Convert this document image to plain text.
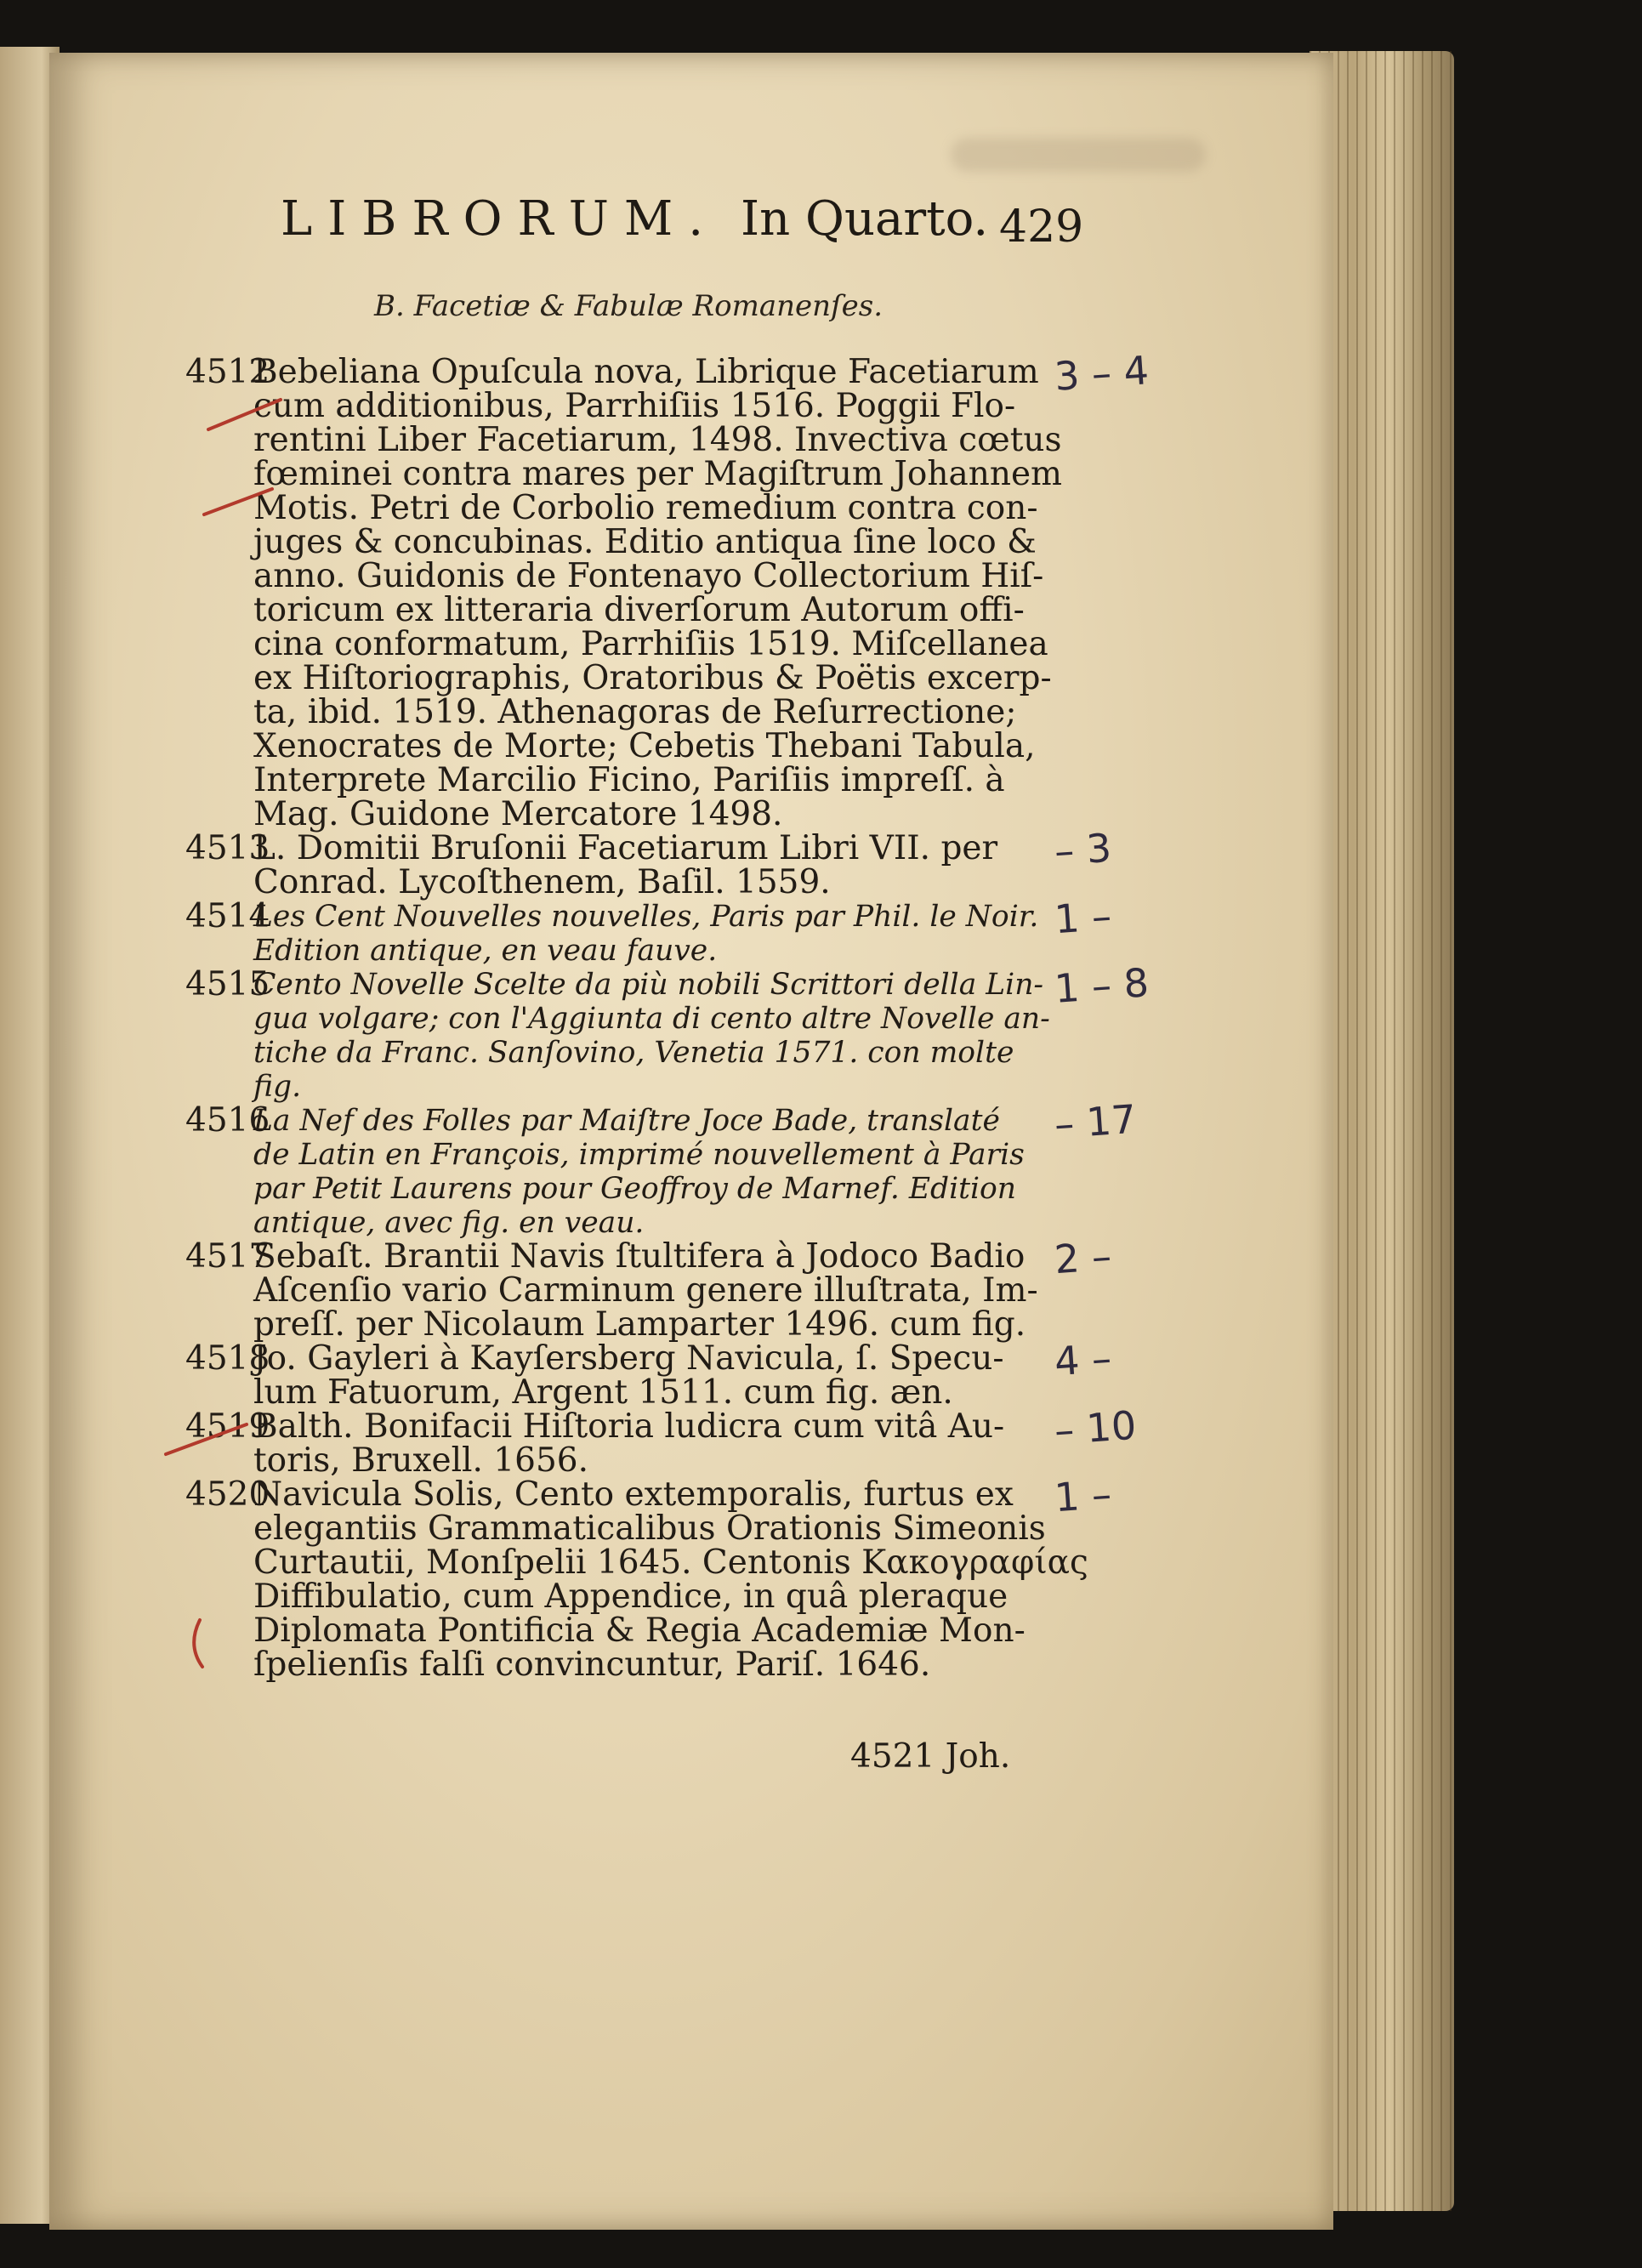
LIBRORUM. In Quarto. 429
B. Facetiæ & Fabulæ Romanenſes.
4512
Bebeliana Opuſcula nova, Librique Facetiarum
cum additionibus, Parrhiſiis 1516. Poggii Flo-
rentini Liber Facetiarum, 1498. Invectiva cœtus
fœminei contra mares per Magiſtrum Johannem
Motis. Petri de Corbolio remedium contra con-
juges & concubinas. Editio antiqua ſine loco &
anno. Guidonis de Fontenayo Collectorium Hiſ-
toricum ex litteraria diverſorum Autorum offi-
cina conformatum, Parrhiſiis 1519. Miſcellanea
ex Hiſtoriographis, Oratoribus & Poëtis excerp-
ta, ibid. 1519. Athenagoras de Reſurrectione;
Xenocrates de Morte; Cebetis Thebani Tabula,
Interprete Marcilio Ficino, Pariſiis impreſſ. à
Mag. Guidone Mercatore 1498.
4513
L. Domitii Bruſonii Facetiarum Libri VII. per
Conrad. Lycoſthenem, Baſil. 1559.
4514
Les Cent Nouvelles nouvelles, Paris par Phil. le Noir.
Edition antique, en veau fauve.
4515
Cento Novelle Scelte da più nobili Scrittori della Lin-
gua volgare; con l'Aggiunta di cento altre Novelle an-
tiche da Franc. Sanſovino, Venetia 1571. con molte
fig.
4516
La Nef des Folles par Maiſtre Joce Bade, translaté
de Latin en François, imprimé nouvellement à Paris
par Petit Laurens pour Geoffroy de Marnef. Edition
antique, avec fig. en veau.
4517
Sebaſt. Brantii Navis ſtultifera à Jodoco Badio
Aſcenſio vario Carminum genere illuſtrata, Im-
preſſ. per Nicolaum Lamparter 1496. cum fig.
4518
Jo. Gayleri à Kayſersberg Navicula, ſ. Specu-
lum Fatuorum, Argent 1511. cum fig. æn.
4519
Balth. Bonifacii Hiſtoria ludicra cum vitâ Au-
toris, Bruxell. 1656.
4520
Navicula Solis, Cento extemporalis, furtus ex
elegantiis Grammaticalibus Orationis Simeonis
Curtautii, Monſpelii 1645. Centonis Κακογραφίας
Diffibulatio, cum Appendice, in quâ pleraque
Diplomata Pontificia & Regia Academiæ Mon-
ſpelienſis falſi convincuntur, Pariſ. 1646.
4521 Joh.
3 – 4
– 3
1 –
1 – 8
– 17
2 –
4 –
– 10
1 –
